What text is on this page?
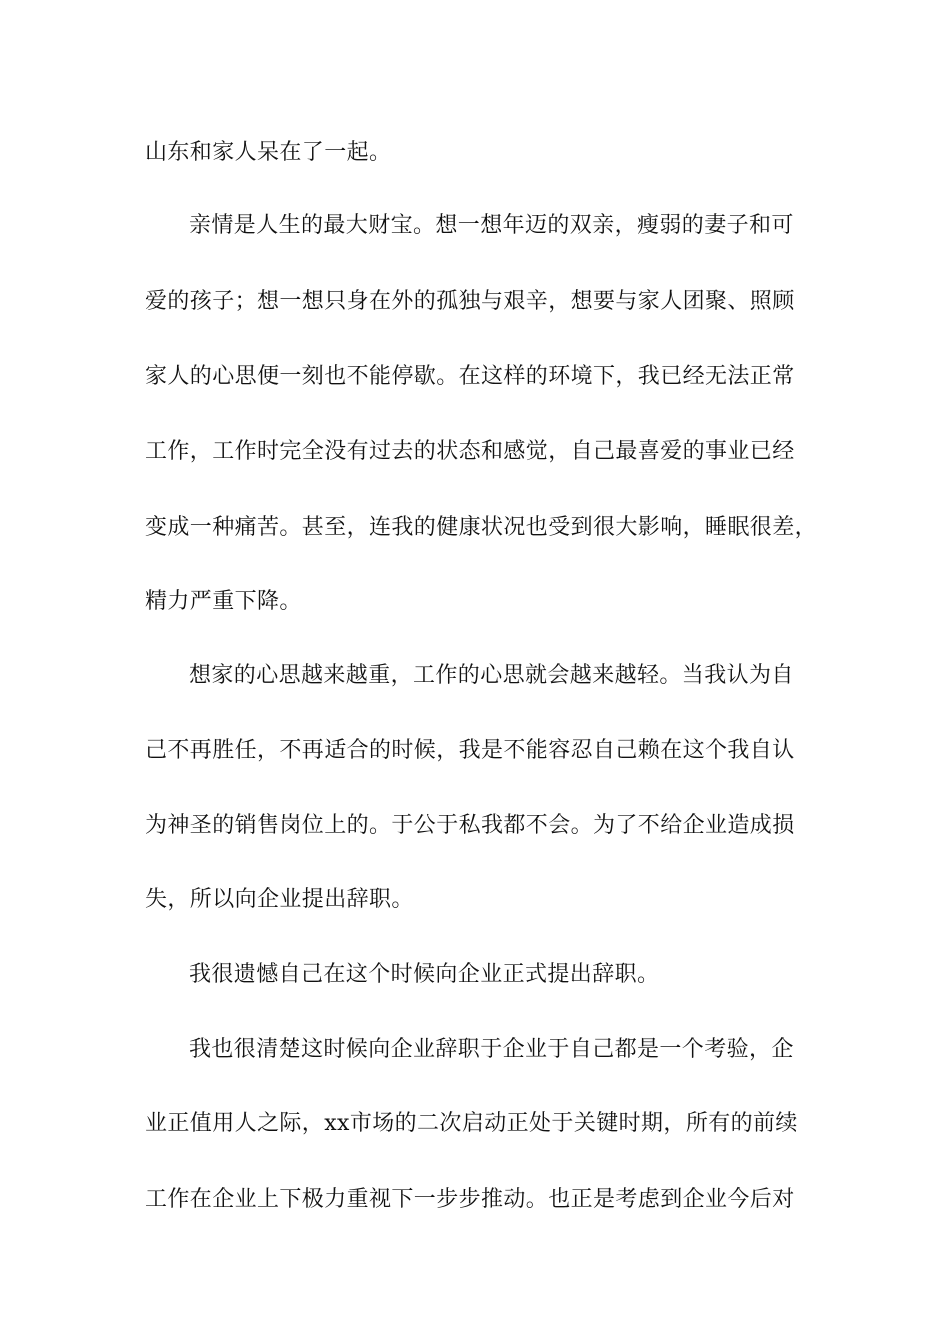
山东和家人呆在了一起。
亲情是人生的最大财宝。想一想年迈的双亲，瘦弱的妻子和可
爱的孩子；想一想只身在外的孤独与艰辛，想要与家人团聚、照顾
家人的心思便一刻也不能停歇。在这样的环境下，我已经无法正常
工作，工作时完全没有过去的状态和感觉，自己最喜爱的事业已经
变成一种痛苦。甚至，连我的健康状况也受到很大影响，睡眠很差，
精力严重下降。
想家的心思越来越重，工作的心思就会越来越轻。当我认为自
己不再胜任，不再适合的时候，我是不能容忍自己赖在这个我自认
为神圣的销售岗位上的。于公于私我都不会。为了不给企业造成损
失，所以向企业提出辞职。
我很遗憾自己在这个时候向企业正式提出辞职。
我也很清楚这时候向企业辞职于企业于自己都是一个考验，企
业正值用人之际，xx市场的二次启动正处于关键时期，所有的前续
工作在企业上下极力重视下一步步推动。也正是考虑到企业今后对
